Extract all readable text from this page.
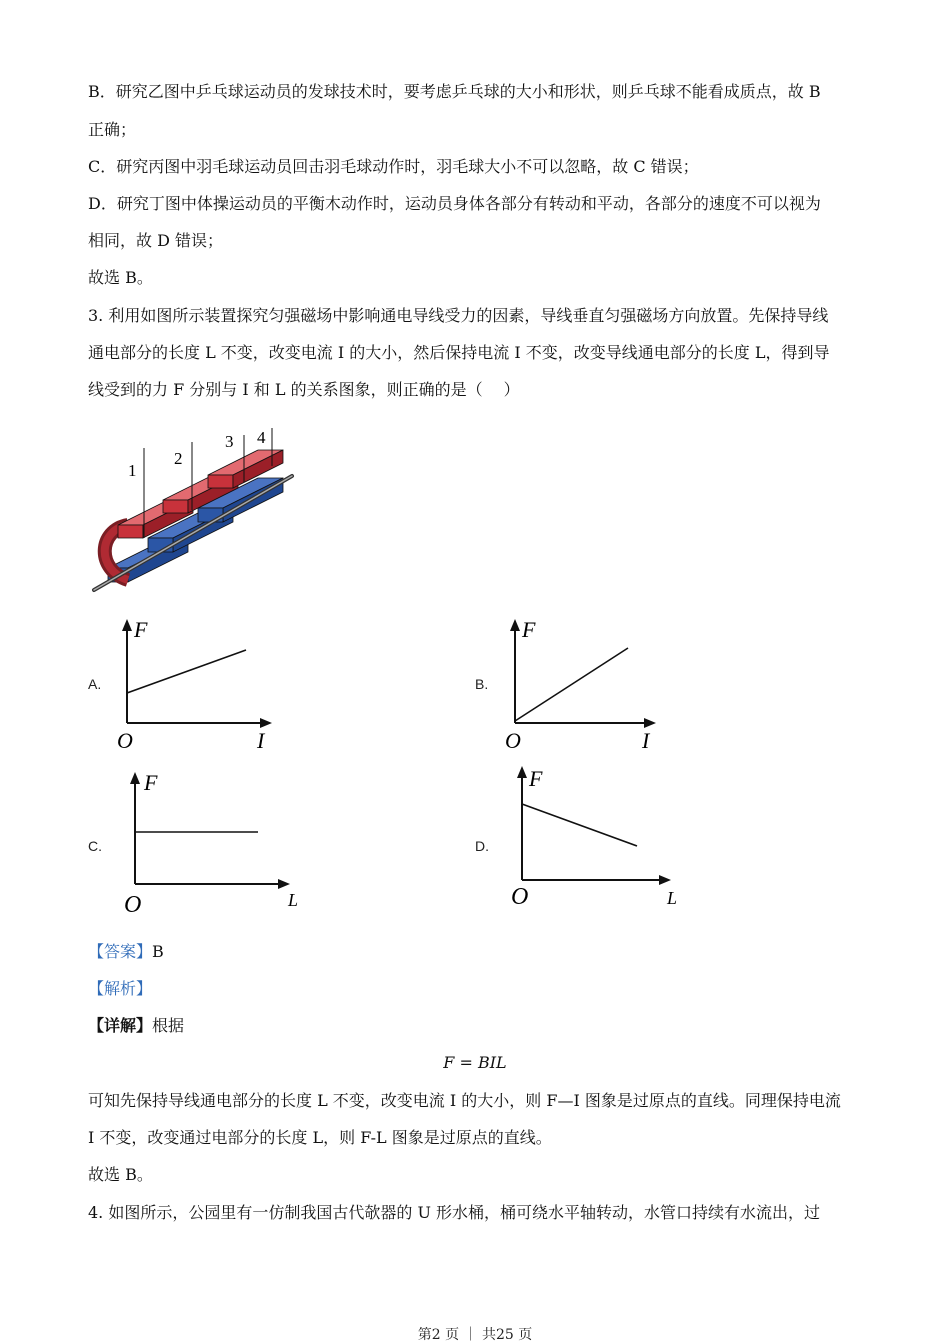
B．研究乙图中乒乓球运动员的发球技术时，要考虑乒乓球的大小和形状，则乒乓球不能看成质点，故 B
正确；
C．研究丙图中羽毛球运动员回击羽毛球动作时，羽毛球大小不可以忽略，故 C 错误；
D．研究丁图中体操运动员的平衡木动作时，运动员身体各部分有转动和平动，各部分的速度不可以视为
相同，故 D 错误；
故选 B。
3. 利用如图所示装置探究匀强磁场中影响通电导线受力的因素，导线垂直匀强磁场方向放置。先保持导线
通电部分的长度 L 不变，改变电流 I 的大小，然后保持电流 I 不变，改变导线通电部分的长度 L，得到导
线受到的力 F 分别与 I 和 L 的关系图象，则正确的是（　 ）
1
2
3 4
A.
F
I
O
B.
F
I
O
C.
F
L
O
D.
F
L
O
【答案】B
【解析】
【详解】根据
F = BIL
可知先保持导线通电部分的长度 L 不变，改变电流 I 的大小，则 F—I 图象是过原点的直线。同理保持电流
I 不变，改变通过电部分的长度 L，则 F-L 图象是过原点的直线。
故选 B。
4. 如图所示，公园里有一仿制我国古代欹器的 U 形水桶，桶可绕水平轴转动，水管口持续有水流出，过
第2 页 ｜ 共25 页
